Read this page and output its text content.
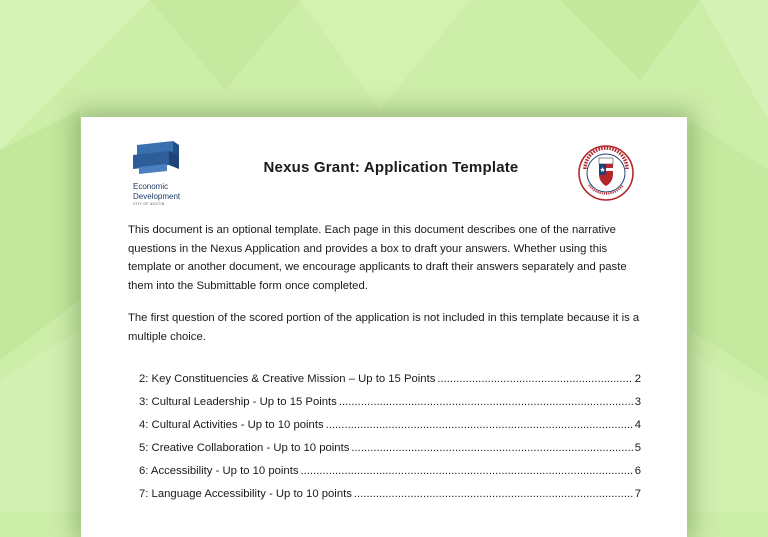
Economic
Development
CITY OF AUSTIN
Nexus Grant: Application Template
This document is an optional template. Each page in this document describes one of the narrative questions in the Nexus Application and provides a box to draft your answers. Whether using this template or another document, we encourage applicants to draft their answers separately and paste them into the Submittable form once completed.
The first question of the scored portion of the application is not included in this template because it is a multiple choice.
2: Key Constituencies & Creative Mission – Up to 15 Points .....	2
3: Cultural Leadership - Up to 15 Points .....	3
4: Cultural Activities - Up to 10 points .....	4
5: Creative Collaboration - Up to 10 points .....	5
6: Accessibility - Up to 10 points .....	6
7: Language Accessibility - Up to 10 points .....	7
